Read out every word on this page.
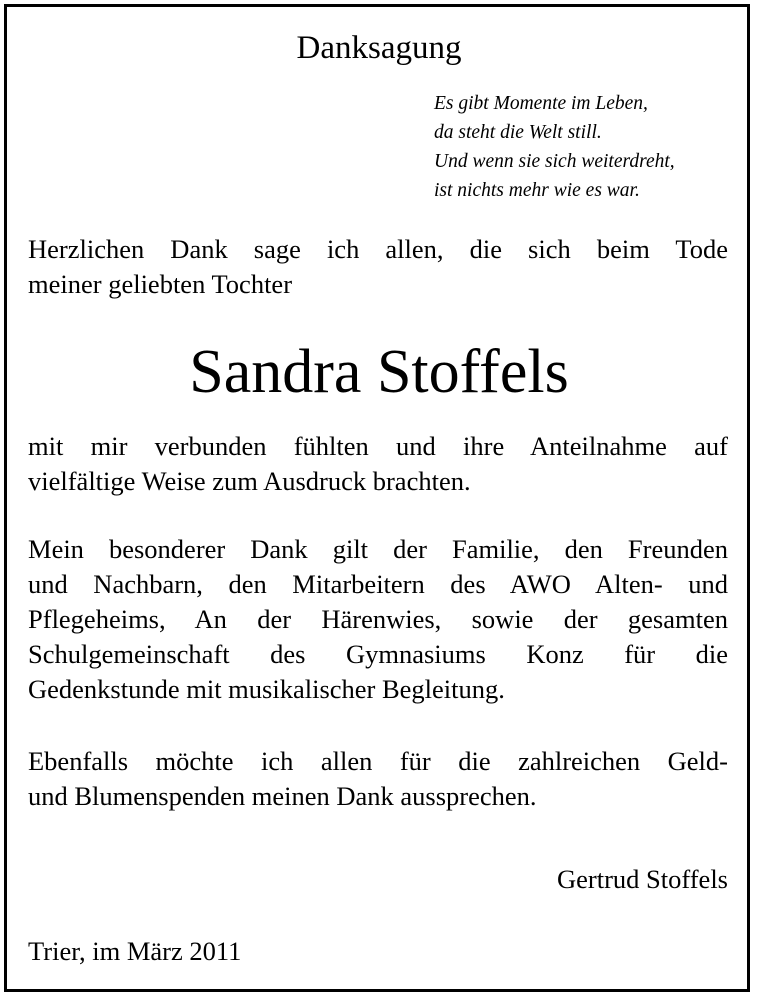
Danksagung
Es gibt Momente im Leben,
da steht die Welt still.
Und wenn sie sich weiterdreht,
ist nichts mehr wie es war.
Herzlichen Dank sage ich allen, die sich beim Tode
meiner geliebten Tochter
Sandra Stoffels
mit mir verbunden fühlten und ihre Anteilnahme auf
vielfältige Weise zum Ausdruck brachten.
Mein besonderer Dank gilt der Familie, den Freunden
und Nachbarn, den Mitarbeitern des AWO Alten- und
Pflegeheims, An der Härenwies, sowie der gesamten
Schulgemeinschaft des Gymnasiums Konz für die
Gedenkstunde mit musikalischer Begleitung.
Ebenfalls möchte ich allen für die zahlreichen Geld-
und Blumenspenden meinen Dank aussprechen.
Gertrud Stoffels
Trier, im März 2011
